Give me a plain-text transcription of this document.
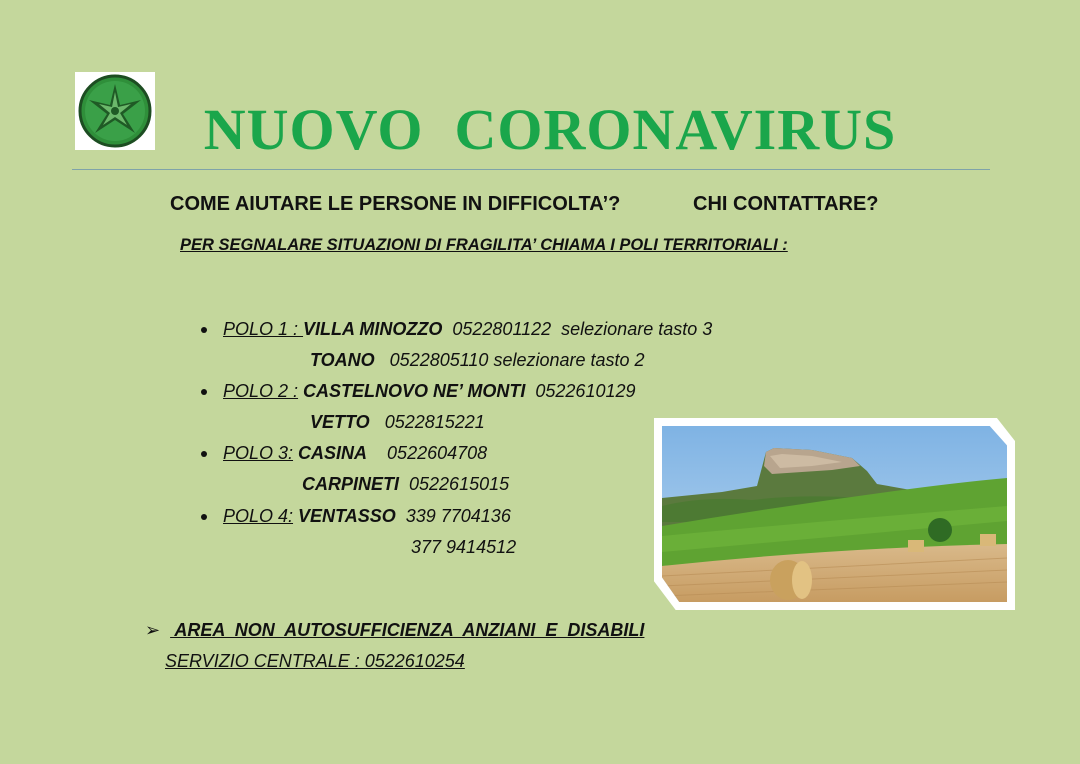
NUOVO  CORONAVIRUS
COME AIUTARE LE PERSONE IN DIFFICOLTA’?	CHI CONTATTARE?
PER SEGNALARE SITUAZIONI DI FRAGILITA’ CHIAMA I POLI TERRITORIALI :
POLO 1 : VILLA MINOZZO  0522801122  selezionare tasto 3
TOANO   0522805110 selezionare tasto 2
POLO 2 : CASTELNOVO NE’ MONTI  0522610129
VETTO   0522815221
POLO 3: CASINA    0522604708
CARPINETI  0522615015
POLO 4: VENTASSO  339 7704136
377 9414512
➢ AREA  NON  AUTOSUFFICIENZA  ANZIANI  E  DISABILI
SERVIZIO CENTRALE : 0522610254
